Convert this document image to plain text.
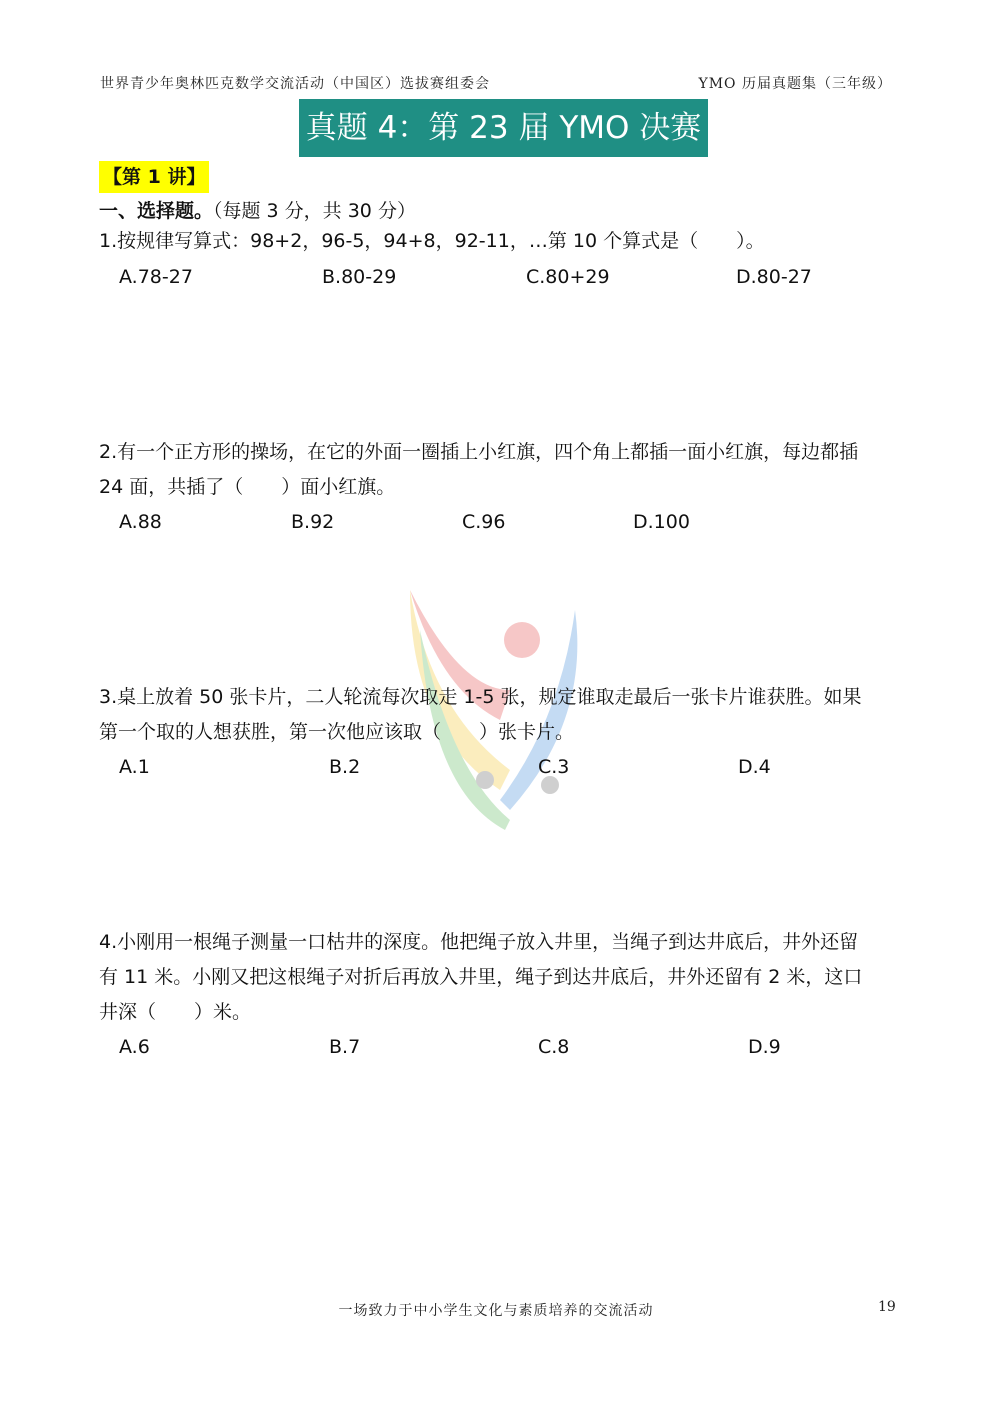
世界青少年奥林匹克数学交流活动（中国区）选拔赛组委会	YMO 历届真题集（三年级）
真题 4：第 23 届 YMO 决赛
【第 1 讲】
一、选择题。（每题 3 分，共 30 分）
1.按规律写算式：98+2，96-5，94+8，92-11，…第 10 个算式是（　　）。
A.78-27	B.80-29	C.80+29	D.80-27
2.有一个正方形的操场，在它的外面一圈插上小红旗，四个角上都插一面小红旗，每边都插
24 面，共插了（　　）面小红旗。
A.88	B.92	C.96	D.100
3.桌上放着 50 张卡片，二人轮流每次取走 1-5 张，规定谁取走最后一张卡片谁获胜。如果
第一个取的人想获胜，第一次他应该取（　　）张卡片。
A.1	B.2	C.3	D.4
4.小刚用一根绳子测量一口枯井的深度。他把绳子放入井里，当绳子到达井底后，井外还留
有 11 米。小刚又把这根绳子对折后再放入井里，绳子到达井底后，井外还留有 2 米，这口
井深（　　）米。
A.6	B.7	C.8	D.9
一场致力于中小学生文化与素质培养的交流活动	19
